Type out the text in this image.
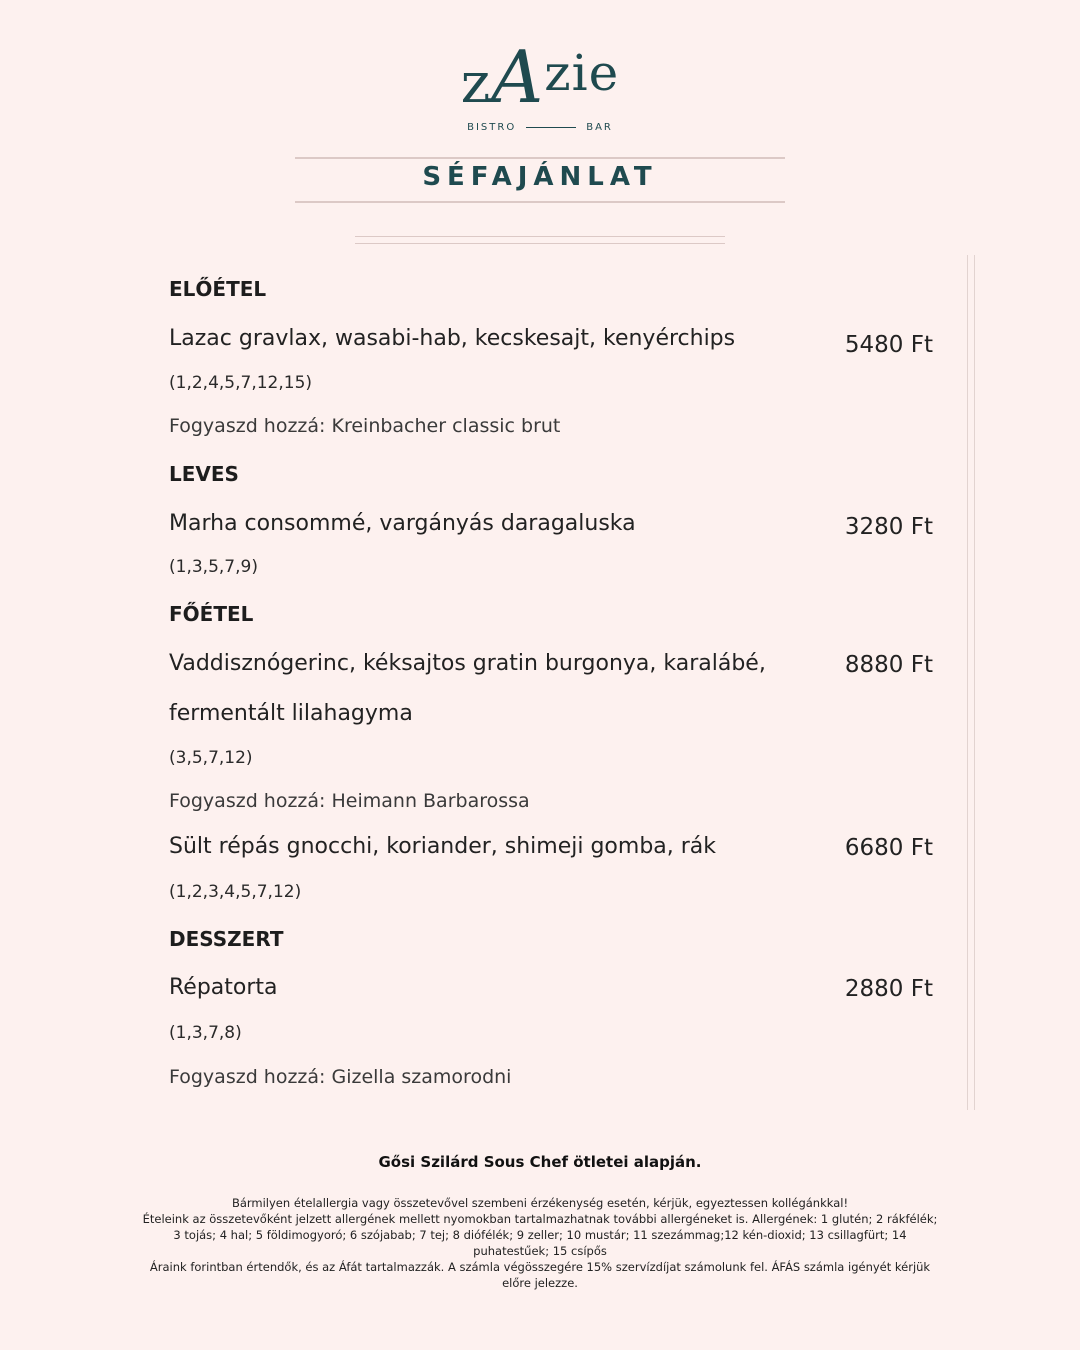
zAzie
BISTRO	BAR
SÉFAJÁNLAT
ELŐÉTEL
Lazac gravlax, wasabi-hab, kecskesajt, kenyérchips	5480 Ft
(1,2,4,5,7,12,15)
Fogyaszd hozzá: Kreinbacher classic brut
LEVES
Marha consommé, vargányás daragaluska	3280 Ft
(1,3,5,7,9)
FŐÉTEL
Vaddisznógerinc, kéksajtos gratin burgonya, karalábé,	8880 Ft
fermentált lilahagyma
(3,5,7,12)
Fogyaszd hozzá: Heimann Barbarossa
Sült répás gnocchi, koriander, shimeji gomba, rák	6680 Ft
(1,2,3,4,5,7,12)
DESSZERT
Répatorta	2880 Ft
(1,3,7,8)
Fogyaszd hozzá: Gizella szamorodni
Gősi Szilárd Sous Chef ötletei alapján.
Bármilyen ételallergia vagy összetevővel szembeni érzékenység esetén, kérjük, egyeztessen kollégánkkal!
Ételeink az összetevőként jelzett allergének mellett nyomokban tartalmazhatnak további allergéneket is. Allergének: 1 glutén; 2 rákfélék; 3 tojás; 4 hal; 5 földimogyoró; 6 szójabab; 7 tej; 8 diófélék; 9 zeller; 10 mustár; 11 szezámmag;12 kén-dioxid; 13 csillagfürt; 14 puhatestűek; 15 csípős
Áraink forintban értendők, és az Áfát tartalmazzák. A számla végösszegére 15% szervízdíjat számolunk fel. ÁFÁS számla igényét kérjük előre jelezze.
